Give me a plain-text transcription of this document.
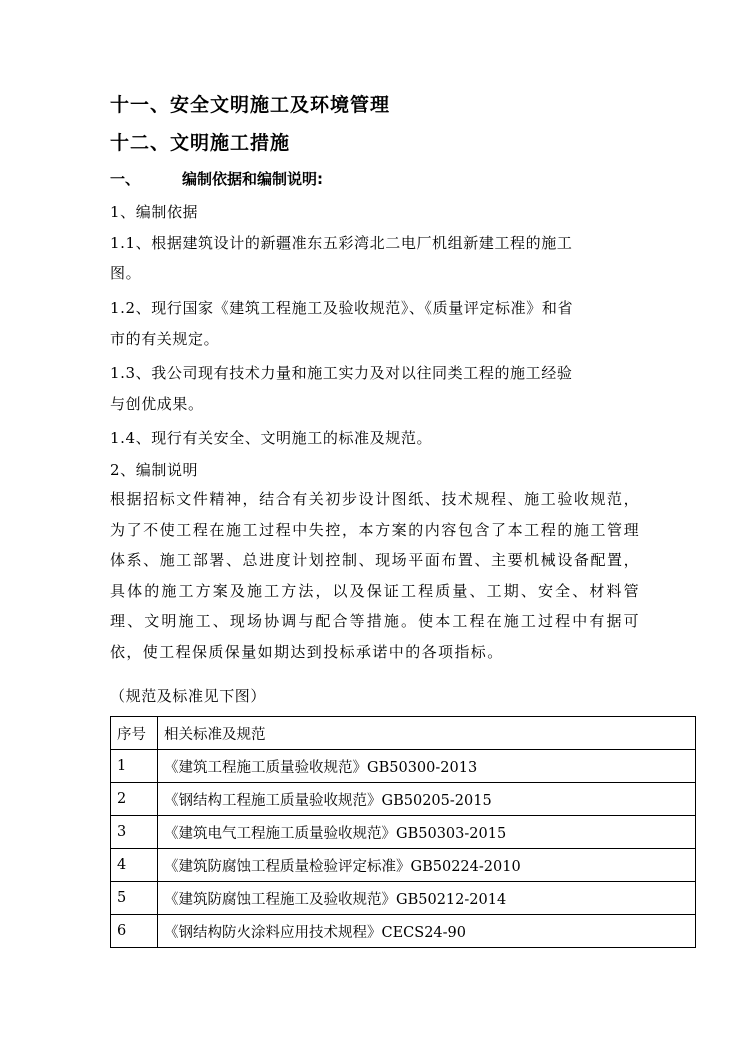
十一、安全文明施工及环境管理
十二、文明施工措施
一、	编制依据和编制说明:
1、编制依据
1.1、根据建筑设计的新疆准东五彩湾北二电厂机组新建工程的施工
图。
1.2、现行国家《建筑工程施工及验收规范》、《质量评定标准》和省
市的有关规定。
1.3、我公司现有技术力量和施工实力及对以往同类工程的施工经验
与创优成果。
1.4、现行有关安全、文明施工的标准及规范。
2、编制说明
根据招标文件精神，结合有关初步设计图纸、技术规程、施工验收规范，为了不使工程在施工过程中失控，本方案的内容包含了本工程的施工管理体系、施工部署、总进度计划控制、现场平面布置、主要机械设备配置，具体的施工方案及施工方法，以及保证工程质量、工期、安全、材料管理、文明施工、现场协调与配合等措施。使本工程在施工过程中有据可依，使工程保质保量如期达到投标承诺中的各项指标。
（规范及标准见下图）
序号	相关标准及规范
1	《建筑工程施工质量验收规范》GB50300-2013
2	《钢结构工程施工质量验收规范》GB50205-2015
3	《建筑电气工程施工质量验收规范》GB50303-2015
4	《建筑防腐蚀工程质量检验评定标准》GB50224-2010
5	《建筑防腐蚀工程施工及验收规范》GB50212-2014
6	《钢结构防火涂料应用技术规程》CECS24-90
